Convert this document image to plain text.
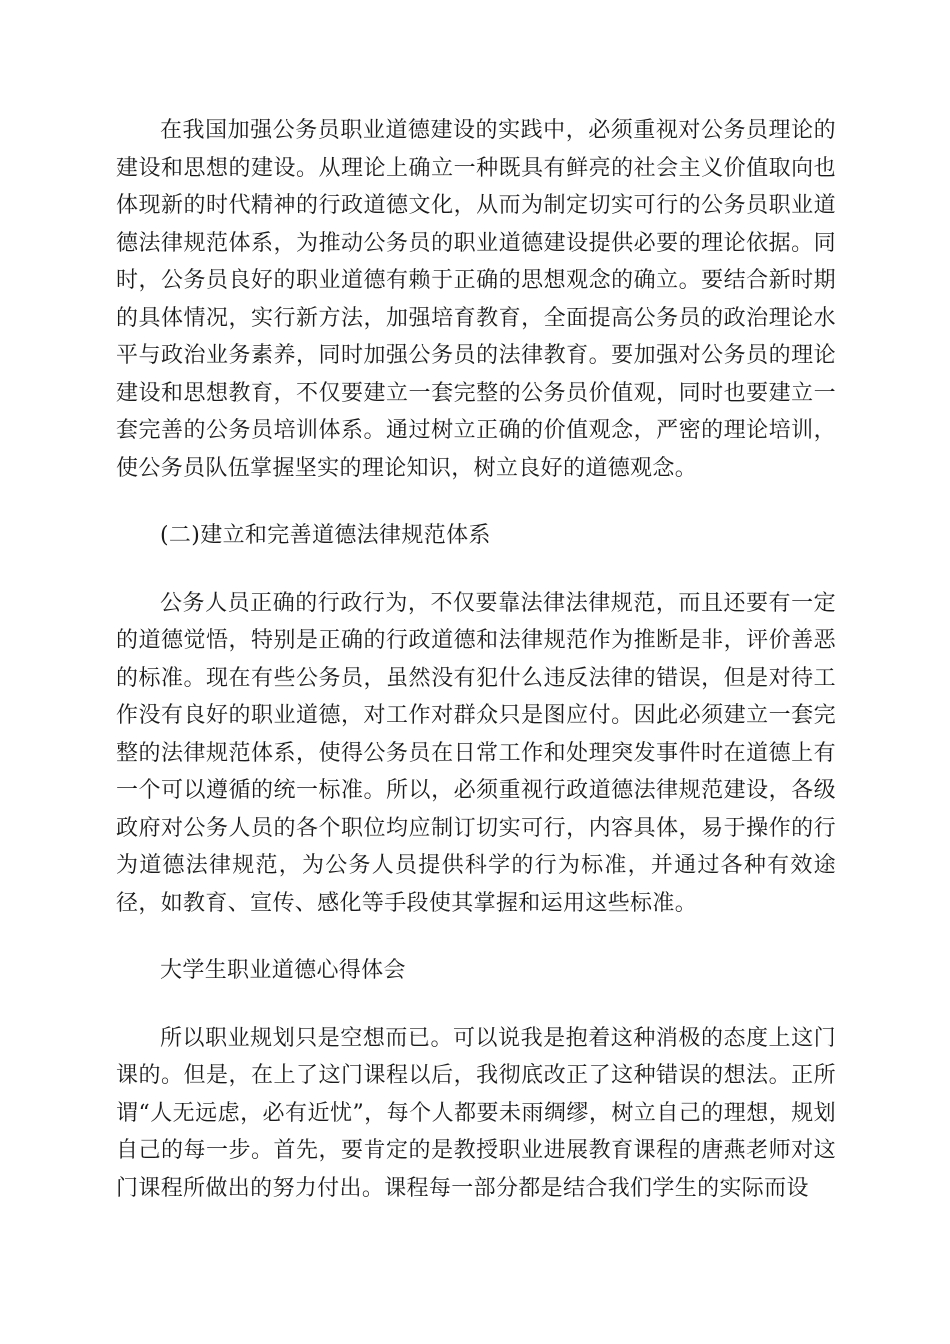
在我国加强公务员职业道德建设的实践中，必须重视对公务员理论的建设和思想的建设。从理论上确立一种既具有鲜亮的社会主义价值取向也体现新的时代精神的行政道德文化，从而为制定切实可行的公务员职业道德法律规范体系，为推动公务员的职业道德建设提供必要的理论依据。同时，公务员良好的职业道德有赖于正确的思想观念的确立。要结合新时期的具体情况，实行新方法，加强培育教育，全面提高公务员的政治理论水平与政治业务素养，同时加强公务员的法律教育。要加强对公务员的理论建设和思想教育，不仅要建立一套完整的公务员价值观，同时也要建立一套完善的公务员培训体系。通过树立正确的价值观念，严密的理论培训，使公务员队伍掌握坚实的理论知识，树立良好的道德观念。

(二)建立和完善道德法律规范体系

公务人员正确的行政行为，不仅要靠法律法律规范，而且还要有一定的道德觉悟，特别是正确的行政道德和法律规范作为推断是非，评价善恶的标准。现在有些公务员，虽然没有犯什么违反法律的错误，但是对待工作没有良好的职业道德，对工作对群众只是图应付。因此必须建立一套完整的法律规范体系，使得公务员在日常工作和处理突发事件时在道德上有一个可以遵循的统一标准。所以，必须重视行政道德法律规范建设，各级政府对公务人员的各个职位均应制订切实可行，内容具体，易于操作的行为道德法律规范，为公务人员提供科学的行为标准，并通过各种有效途径，如教育、宣传、感化等手段使其掌握和运用这些标准。

大学生职业道德心得体会

所以职业规划只是空想而已。可以说我是抱着这种消极的态度上这门课的。但是，在上了这门课程以后，我彻底改正了这种错误的想法。正所谓“人无远虑，必有近忧”，每个人都要未雨绸缪，树立自己的理想，规划自己的每一步。首先，要肯定的是教授职业进展教育课程的唐燕老师对这门课程所做出的努力付出。课程每一部分都是结合我们学生的实际而设
